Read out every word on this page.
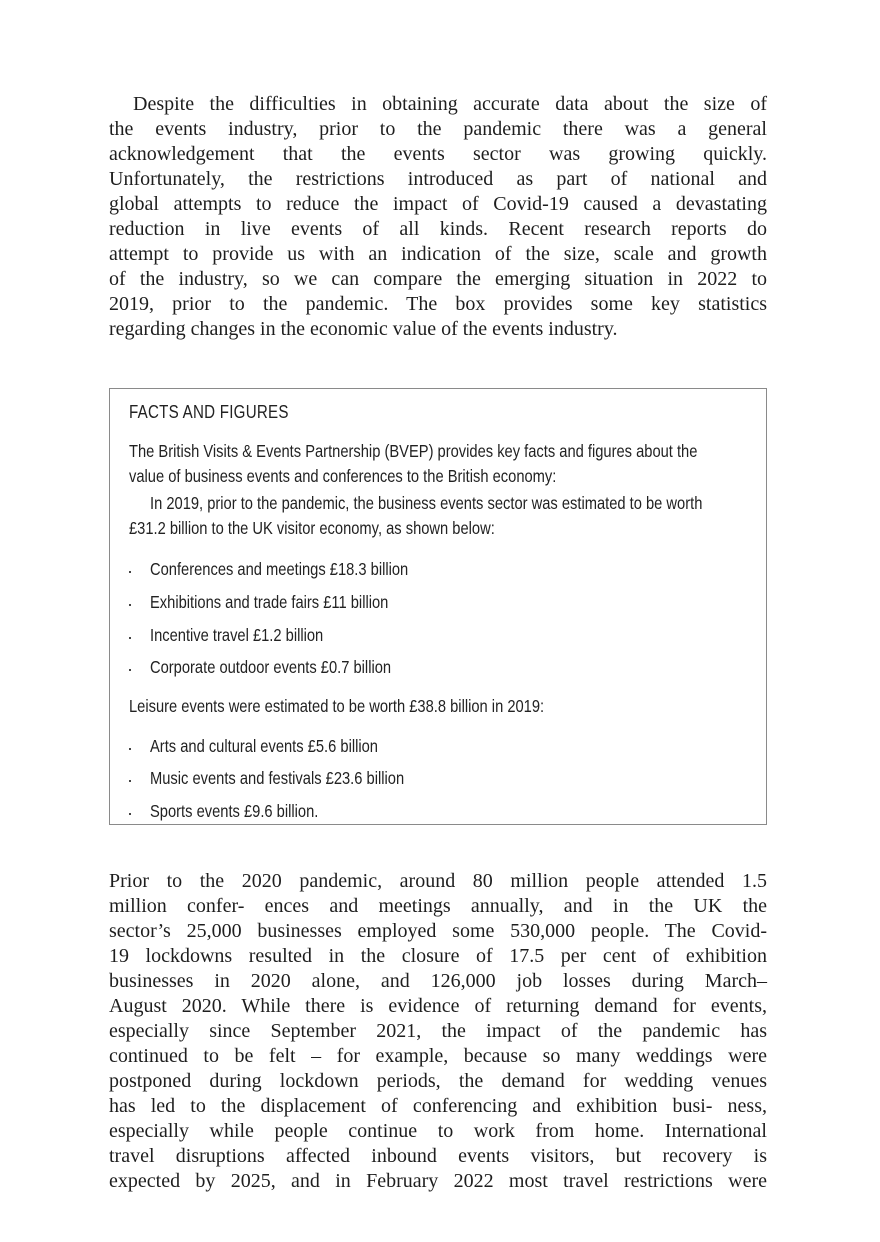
Despite the difficulties in obtaining accurate data about the size of
the events industry, prior to the pandemic there was a general
acknowledgement that the events sector was growing quickly.
Unfortunately, the restrictions introduced as part of national and
global attempts to reduce the impact of Covid-19 caused a devastating
reduction in live events of all kinds. Recent research reports do
attempt to provide us with an indication of the size, scale and growth
of the industry, so we can compare the emerging situation in 2022 to
2019, prior to the pandemic. The box provides some key statistics
regarding changes in the economic value of the events industry.
FACTS AND FIGURES
The British Visits & Events Partnership (BVEP) provides key facts and figures about the
value of business events and conferences to the British economy:
In 2019, prior to the pandemic, the business events sector was estimated to be worth
£31.2 billion to the UK visitor economy, as shown below:
Conferences and meetings £18.3 billion
Exhibitions and trade fairs £11 billion
Incentive travel £1.2 billion
Corporate outdoor events £0.7 billion
Leisure events were estimated to be worth £38.8 billion in 2019:
Arts and cultural events £5.6 billion
Music events and festivals £23.6 billion
Sports events £9.6 billion.
Prior to the 2020 pandemic, around 80 million people attended 1.5
million confer- ences and meetings annually, and in the UK the
sector’s 25,000 businesses employed some 530,000 people. The Covid-
19 lockdowns resulted in the closure of 17.5 per cent of exhibition
businesses in 2020 alone, and 126,000 job losses during March–
August 2020. While there is evidence of returning demand for events,
especially since September 2021, the impact of the pandemic has
continued to be felt – for example, because so many weddings were
postponed during lockdown periods, the demand for wedding venues
has led to the displacement of conferencing and exhibition busi- ness,
especially while people continue to work from home. International
travel disruptions affected inbound events visitors, but recovery is
expected by 2025, and in February 2022 most travel restrictions were
